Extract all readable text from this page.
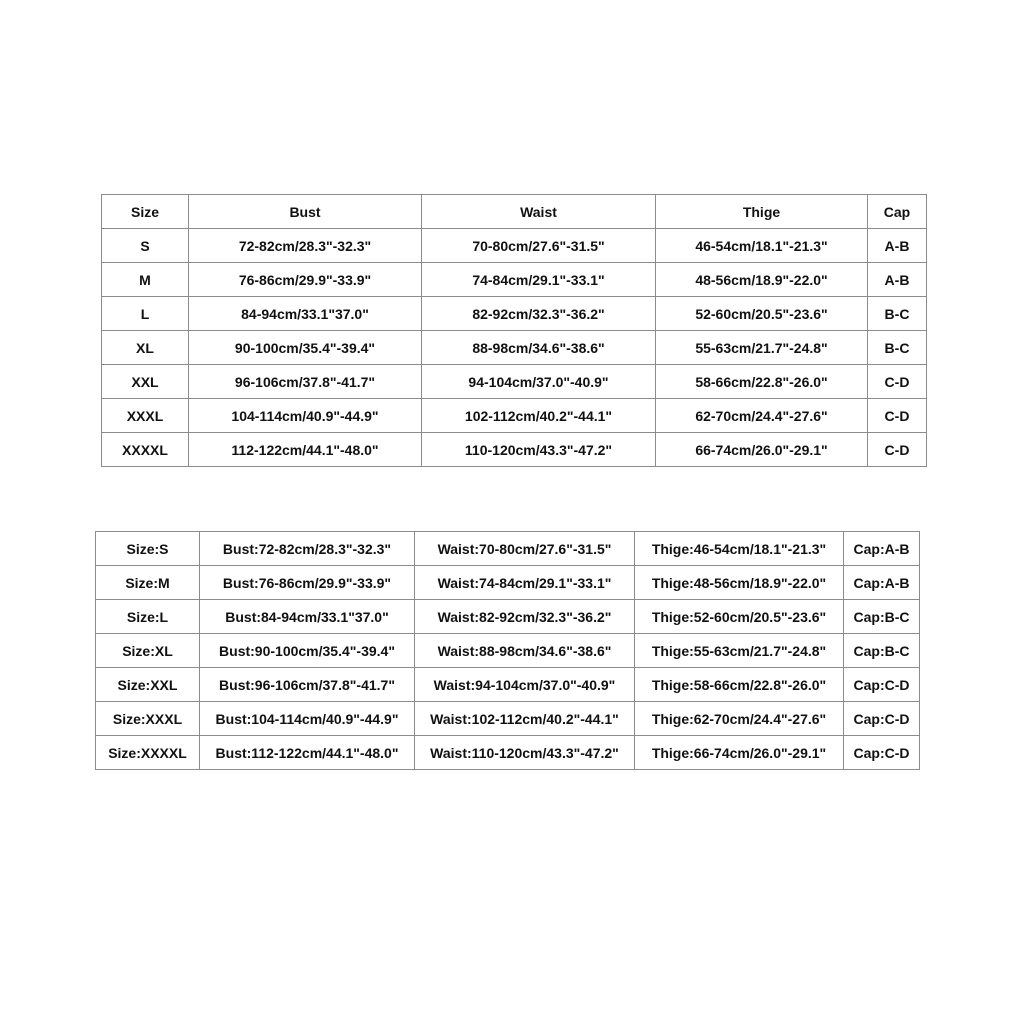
Size	Bust	Waist	Thige	Cap
S	72-82cm/28.3"-32.3"	70-80cm/27.6"-31.5"	46-54cm/18.1"-21.3"	A-B
M	76-86cm/29.9"-33.9"	74-84cm/29.1"-33.1"	48-56cm/18.9"-22.0"	A-B
L	84-94cm/33.1"37.0"	82-92cm/32.3"-36.2"	52-60cm/20.5"-23.6"	B-C
XL	90-100cm/35.4"-39.4"	88-98cm/34.6"-38.6"	55-63cm/21.7"-24.8"	B-C
XXL	96-106cm/37.8"-41.7"	94-104cm/37.0"-40.9"	58-66cm/22.8"-26.0"	C-D
XXXL	104-114cm/40.9"-44.9"	102-112cm/40.2"-44.1"	62-70cm/24.4"-27.6"	C-D
XXXXL	112-122cm/44.1"-48.0"	110-120cm/43.3"-47.2"	66-74cm/26.0"-29.1"	C-D
Size:S	Bust:72-82cm/28.3"-32.3"	Waist:70-80cm/27.6"-31.5"	Thige:46-54cm/18.1"-21.3"	Cap:A-B
Size:M	Bust:76-86cm/29.9"-33.9"	Waist:74-84cm/29.1"-33.1"	Thige:48-56cm/18.9"-22.0"	Cap:A-B
Size:L	Bust:84-94cm/33.1"37.0"	Waist:82-92cm/32.3"-36.2"	Thige:52-60cm/20.5"-23.6"	Cap:B-C
Size:XL	Bust:90-100cm/35.4"-39.4"	Waist:88-98cm/34.6"-38.6"	Thige:55-63cm/21.7"-24.8"	Cap:B-C
Size:XXL	Bust:96-106cm/37.8"-41.7"	Waist:94-104cm/37.0"-40.9"	Thige:58-66cm/22.8"-26.0"	Cap:C-D
Size:XXXL	Bust:104-114cm/40.9"-44.9"	Waist:102-112cm/40.2"-44.1"	Thige:62-70cm/24.4"-27.6"	Cap:C-D
Size:XXXXL	Bust:112-122cm/44.1"-48.0"	Waist:110-120cm/43.3"-47.2"	Thige:66-74cm/26.0"-29.1"	Cap:C-D
